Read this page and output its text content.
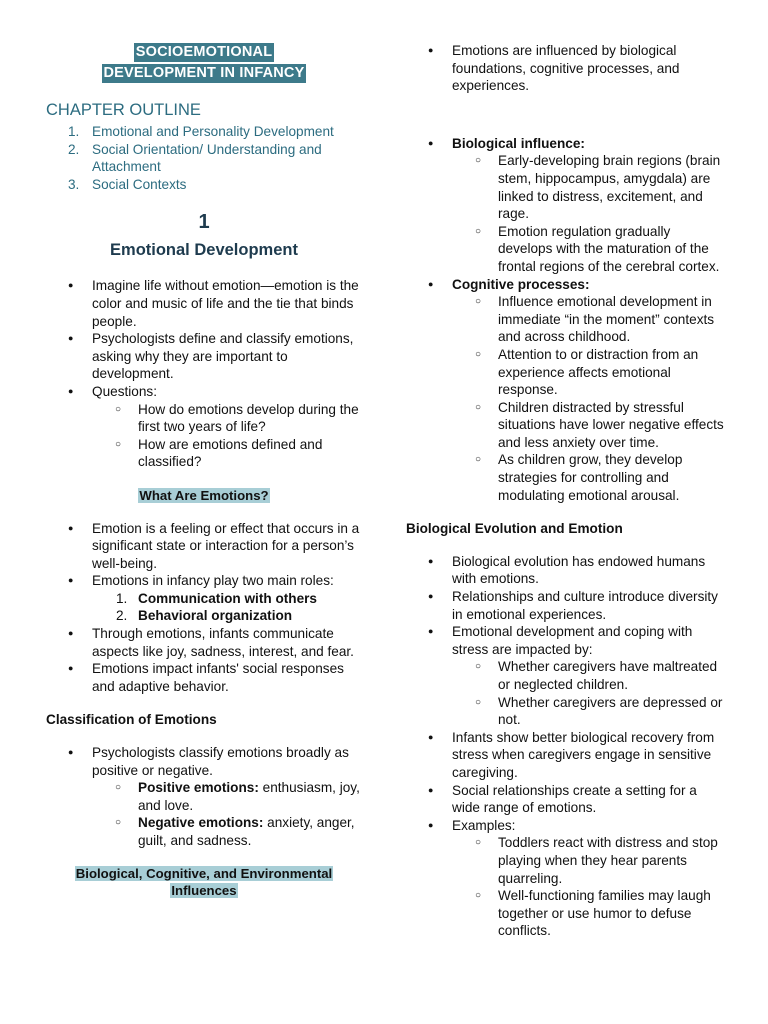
SOCIOEMOTIONAL
DEVELOPMENT IN INFANCY
CHAPTER OUTLINE
1. Emotional and Personality Development
2. Social Orientation/ Understanding and Attachment
3. Social Contexts
1
Emotional Development
● Imagine life without emotion—emotion is the color and music of life and the tie that binds people.
● Psychologists define and classify emotions, asking why they are important to development.
● Questions:
○ How do emotions develop during the first two years of life?
○ How are emotions defined and classified?
What Are Emotions?
● Emotion is a feeling or effect that occurs in a significant state or interaction for a person’s well-being.
● Emotions in infancy play two main roles:
1. Communication with others
2. Behavioral organization
● Through emotions, infants communicate aspects like joy, sadness, interest, and fear.
● Emotions impact infants' social responses and adaptive behavior.
Classification of Emotions
● Psychologists classify emotions broadly as positive or negative.
○ Positive emotions: enthusiasm, joy, and love.
○ Negative emotions: anxiety, anger, guilt, and sadness.
Biological, Cognitive, and Environmental
Influences
● Emotions are influenced by biological foundations, cognitive processes, and experiences.
● Biological influence:
○ Early-developing brain regions (brain stem, hippocampus, amygdala) are linked to distress, excitement, and rage.
○ Emotion regulation gradually develops with the maturation of the frontal regions of the cerebral cortex.
● Cognitive processes:
○ Influence emotional development in immediate “in the moment” contexts and across childhood.
○ Attention to or distraction from an experience affects emotional response.
○ Children distracted by stressful situations have lower negative effects and less anxiety over time.
○ As children grow, they develop strategies for controlling and modulating emotional arousal.
Biological Evolution and Emotion
● Biological evolution has endowed humans with emotions.
● Relationships and culture introduce diversity in emotional experiences.
● Emotional development and coping with stress are impacted by:
○ Whether caregivers have maltreated or neglected children.
○ Whether caregivers are depressed or not.
● Infants show better biological recovery from stress when caregivers engage in sensitive caregiving.
● Social relationships create a setting for a wide range of emotions.
● Examples:
○ Toddlers react with distress and stop playing when they hear parents quarreling.
○ Well-functioning families may laugh together or use humor to defuse conflicts.
